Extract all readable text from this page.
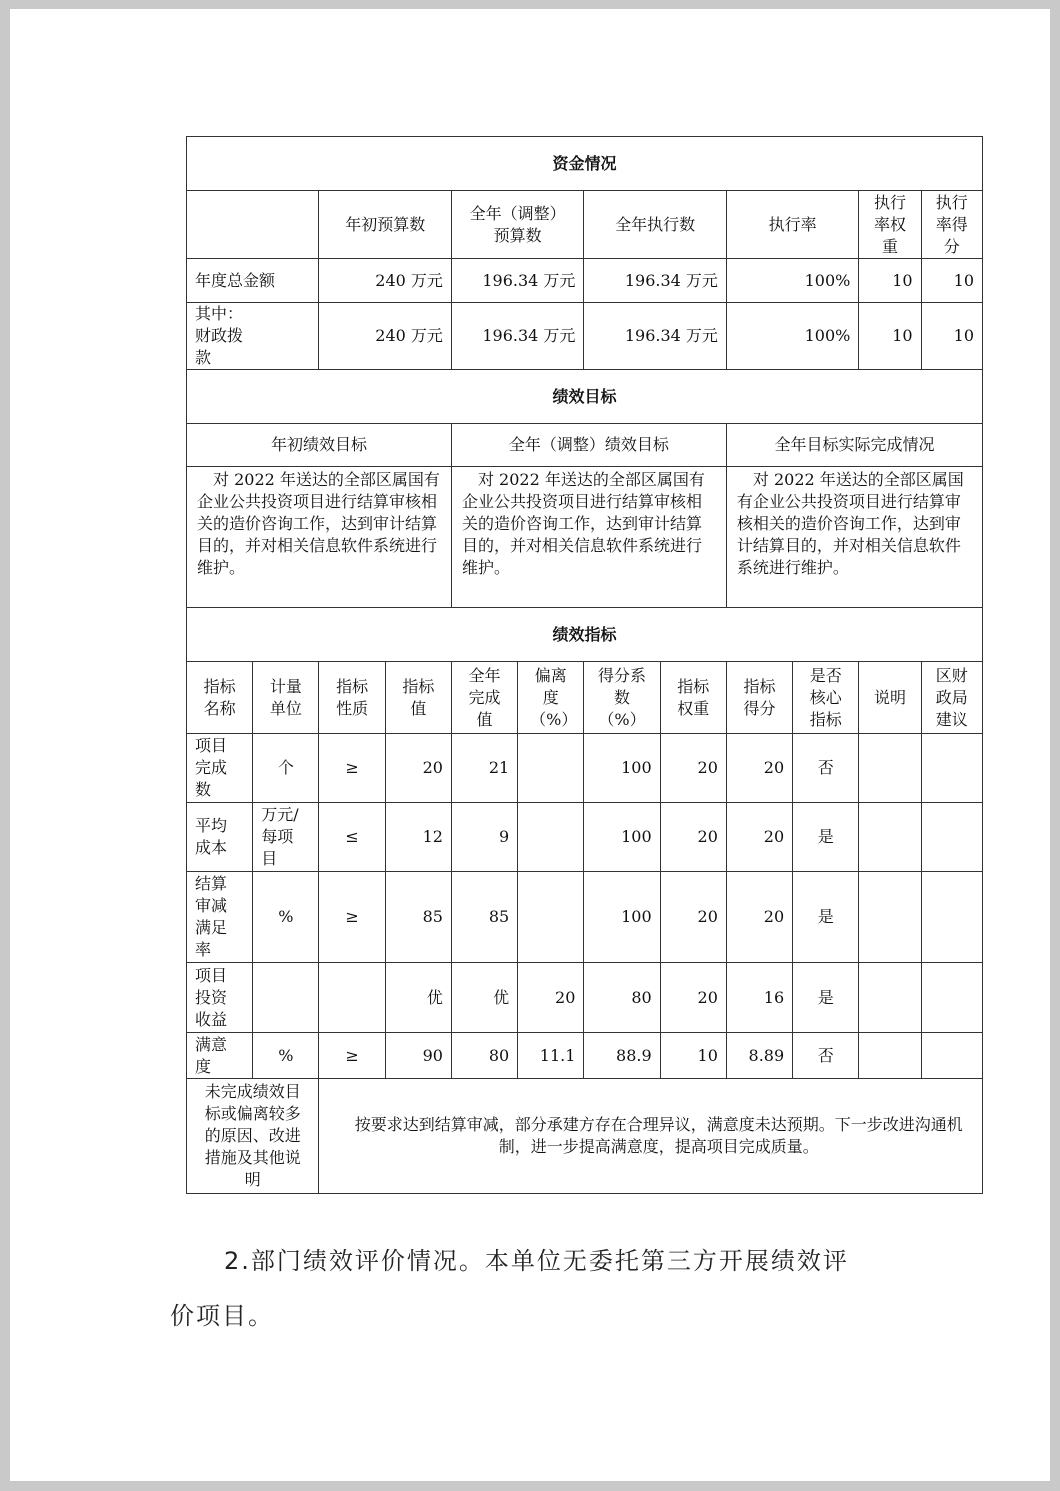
资金情况											
		年初预算数		全年（调整）预算数		全年执行数		执行率		执行率权重	执行率得分
年度总金额		240 万元		196.34 万元		196.34 万元		100%		10	10
其中：财政拨款		240 万元		196.34 万元		196.34 万元		100%		10	10
绩效目标											
年初绩效目标				全年（调整）绩效目标				全年目标实际完成情况			
对 2022 年送达的全部区属国有企业公共投资项目进行结算审核相关的造价咨询工作，达到审计结算目的，并对相关信息软件系统进行维护。				对 2022 年送达的全部区属国有企业公共投资项目进行结算审核相关的造价咨询工作，达到审计结算目的，并对相关信息软件系统进行维护。				对 2022 年送达的全部区属国有企业公共投资项目进行结算审核相关的造价咨询工作，达到审计结算目的，并对相关信息软件系统进行维护。			
绩效指标											
指标名称	计量单位	指标性质	指标值	全年完成值	偏离度（%）	得分系数（%）	指标权重	指标得分	是否核心指标	说明	区财政局建议
项目完成数	个	≥	20	21		100	20	20	否		
平均成本	万元/每项目	≤	12	9		100	20	20	是		
结算审减满足率	%	≥	85	85		100	20	20	是		
项目投资收益			优	优	20	80	20	16	是		
满意度	%	≥	90	80	11.1	88.9	10	8.89	否		
未完成绩效目标或偏离较多的原因、改进措施及其他说明		按要求达到结算审减，部分承建方存在合理异议，满意度未达预期。下一步改进沟通机制，进一步提高满意度，提高项目完成质量。									
2.部门绩效评价情况。本单位无委托第三方开展绩效评
价项目。
